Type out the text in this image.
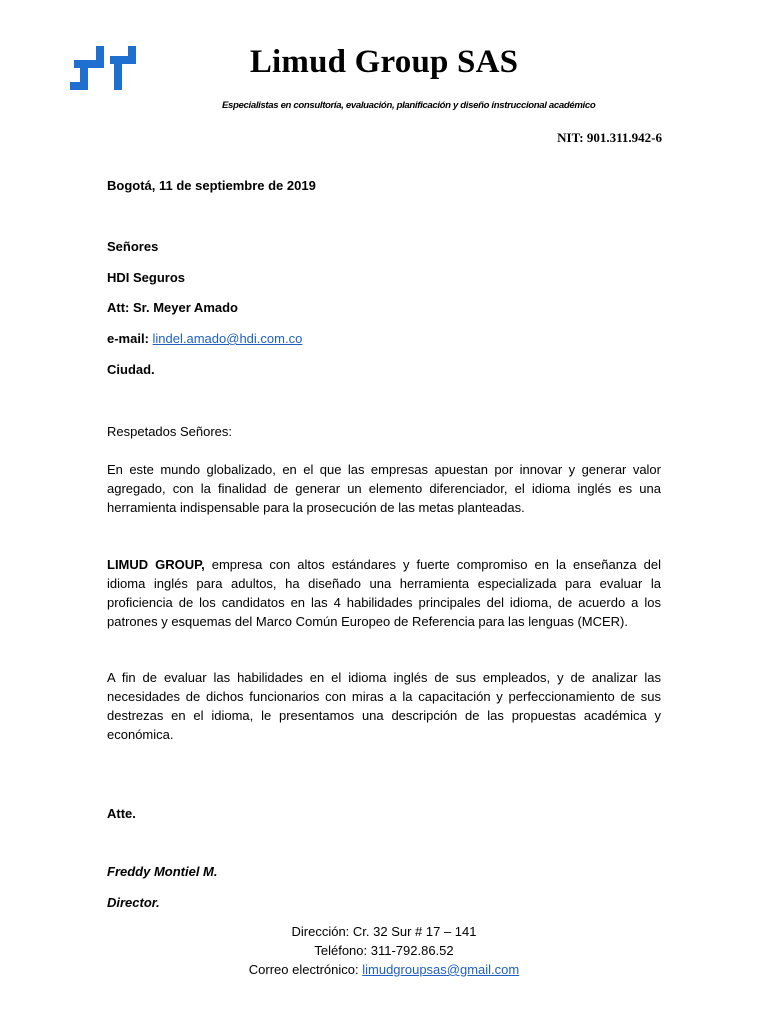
Limud Group SAS
Especialistas en consultoría, evaluación, planificación y diseño instruccional académico
NIT: 901.311.942-6
Bogotá, 11 de septiembre de 2019
Señores
HDI Seguros
Att: Sr. Meyer Amado
e-mail: lindel.amado@hdi.com.co
Ciudad.
Respetados Señores:
En este mundo globalizado, en el que las empresas apuestan por innovar y generar valor agregado, con la finalidad de generar un elemento diferenciador, el idioma inglés es una herramienta indispensable para la prosecución de las metas planteadas.
LIMUD GROUP, empresa con altos estándares y fuerte compromiso en la enseñanza del idioma inglés para adultos, ha diseñado una herramienta especializada para evaluar la proficiencia de los candidatos en las 4 habilidades principales del idioma, de acuerdo a los patrones y esquemas del Marco Común Europeo de Referencia para las lenguas (MCER).
A fin de evaluar las habilidades en el idioma inglés de sus empleados, y de analizar las necesidades de dichos funcionarios con miras a la capacitación y perfeccionamiento de sus destrezas en el idioma, le presentamos una descripción de las propuestas académica y económica.
Atte.
Freddy Montiel M.
Director.
Dirección: Cr. 32 Sur # 17 – 141
Teléfono: 311-792.86.52
Correo electrónico: limudgroupsas@gmail.com
